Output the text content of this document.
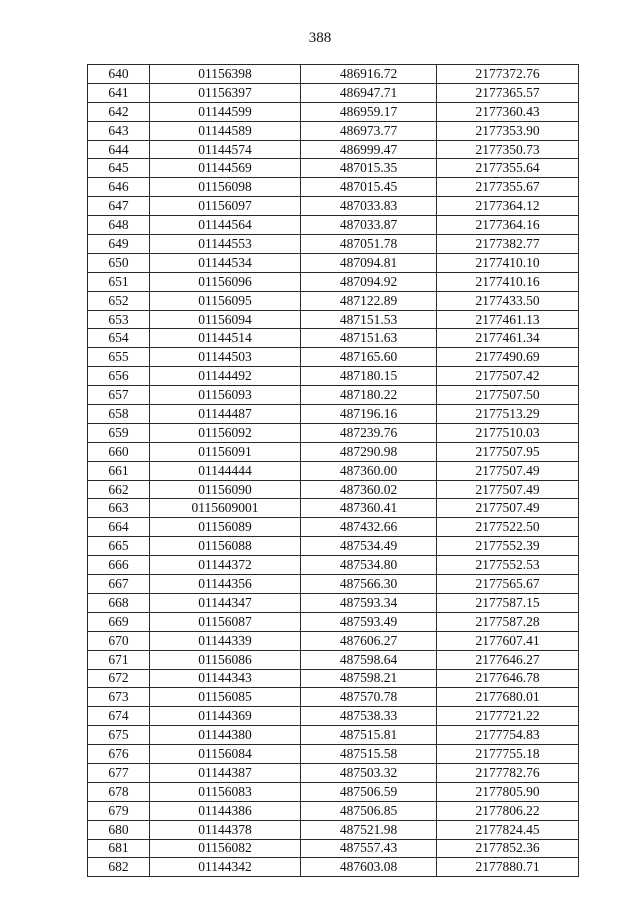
388
640	01156398	486916.72	2177372.76
641	01156397	486947.71	2177365.57
642	01144599	486959.17	2177360.43
643	01144589	486973.77	2177353.90
644	01144574	486999.47	2177350.73
645	01144569	487015.35	2177355.64
646	01156098	487015.45	2177355.67
647	01156097	487033.83	2177364.12
648	01144564	487033.87	2177364.16
649	01144553	487051.78	2177382.77
650	01144534	487094.81	2177410.10
651	01156096	487094.92	2177410.16
652	01156095	487122.89	2177433.50
653	01156094	487151.53	2177461.13
654	01144514	487151.63	2177461.34
655	01144503	487165.60	2177490.69
656	01144492	487180.15	2177507.42
657	01156093	487180.22	2177507.50
658	01144487	487196.16	2177513.29
659	01156092	487239.76	2177510.03
660	01156091	487290.98	2177507.95
661	01144444	487360.00	2177507.49
662	01156090	487360.02	2177507.49
663	0115609001	487360.41	2177507.49
664	01156089	487432.66	2177522.50
665	01156088	487534.49	2177552.39
666	01144372	487534.80	2177552.53
667	01144356	487566.30	2177565.67
668	01144347	487593.34	2177587.15
669	01156087	487593.49	2177587.28
670	01144339	487606.27	2177607.41
671	01156086	487598.64	2177646.27
672	01144343	487598.21	2177646.78
673	01156085	487570.78	2177680.01
674	01144369	487538.33	2177721.22
675	01144380	487515.81	2177754.83
676	01156084	487515.58	2177755.18
677	01144387	487503.32	2177782.76
678	01156083	487506.59	2177805.90
679	01144386	487506.85	2177806.22
680	01144378	487521.98	2177824.45
681	01156082	487557.43	2177852.36
682	01144342	487603.08	2177880.71
